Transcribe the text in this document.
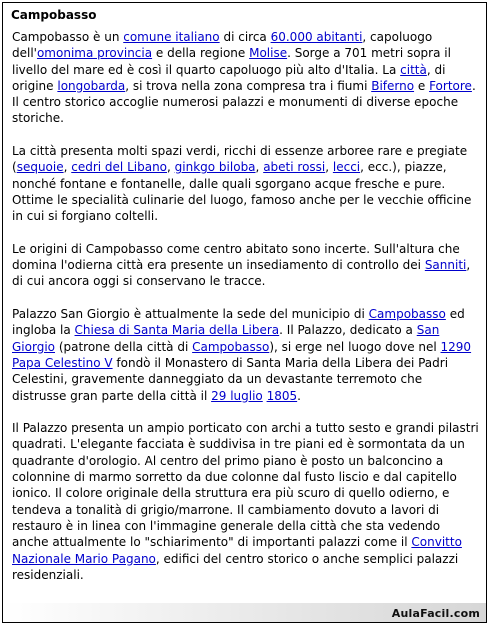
Campobasso

Campobasso è un comune italiano di circa 60.000 abitanti, capoluogo dell'omonima provincia e della regione Molise. Sorge a 701 metri sopra il livello del mare ed è così il quarto capoluogo più alto d'Italia. La città, di origine longobarda, si trova nella zona compresa tra i fiumi Biferno e Fortore. Il centro storico accoglie numerosi palazzi e monumenti di diverse epoche storiche.

La città presenta molti spazi verdi, ricchi di essenze arboree rare e pregiate (sequoie, cedri del Libano, ginkgo biloba, abeti rossi, lecci, ecc.), piazze, nonché fontane e fontanelle, dalle quali sgorgano acque fresche e pure. Ottime le specialità culinarie del luogo, famoso anche per le vecchie officine in cui si forgiano coltelli.

Le origini di Campobasso come centro abitato sono incerte. Sull'altura che domina l'odierna città era presente un insediamento di controllo dei Sanniti, di cui ancora oggi si conservano le tracce.

Palazzo San Giorgio è attualmente la sede del municipio di Campobasso ed ingloba la Chiesa di Santa Maria della Libera. Il Palazzo, dedicato a San Giorgio (patrone della città di Campobasso), si erge nel luogo dove nel 1290 Papa Celestino V fondò il Monastero di Santa Maria della Libera dei Padri Celestini, gravemente danneggiato da un devastante terremoto che distrusse gran parte della città il 29 luglio 1805.

Il Palazzo presenta un ampio porticato con archi a tutto sesto e grandi pilastri quadrati. L'elegante facciata è suddivisa in tre piani ed è sormontata da un quadrante d'orologio. Al centro del primo piano è posto un balconcino a colonnine di marmo sorretto da due colonne dal fusto liscio e dal capitello ionico. Il colore originale della struttura era più scuro di quello odierno, e tendeva a tonalità di grigio/marrone. Il cambiamento dovuto a lavori di restauro è in linea con l'immagine generale della città che sta vedendo anche attualmente lo "schiarimento" di importanti palazzi come il Convitto Nazionale Mario Pagano, edifici del centro storico o anche semplici palazzi residenziali.

AulaFacil.com
